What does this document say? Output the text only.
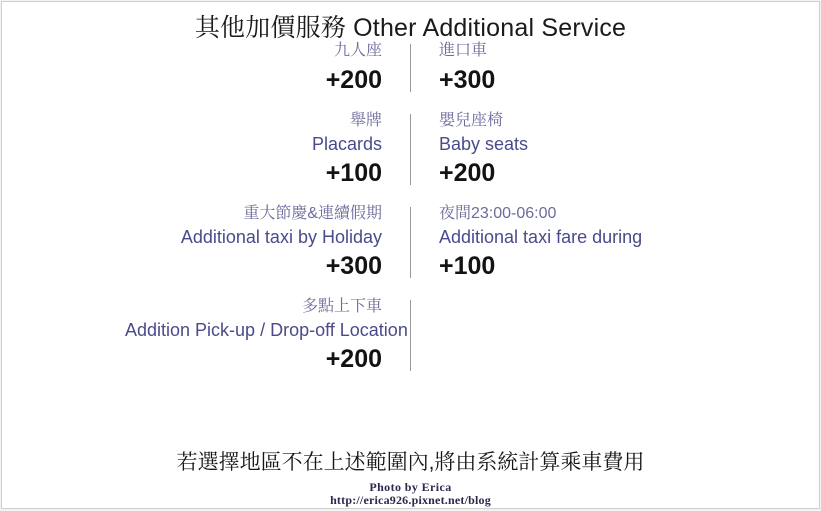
其他加價服務 Other Additional Service
九人座
+200
進口車
+300
舉牌
Placards
+100
嬰兒座椅
Baby seats
+200
重大節慶&連續假期
Additional taxi by Holiday
+300
夜間23:00-06:00
Additional taxi fare during
+100
多點上下車
Addition Pick-up / Drop-off Location
+200
若選擇地區不在上述範圍內,將由系統計算乘車費用
Photo by Erica
http://erica926.pixnet.net/blog
